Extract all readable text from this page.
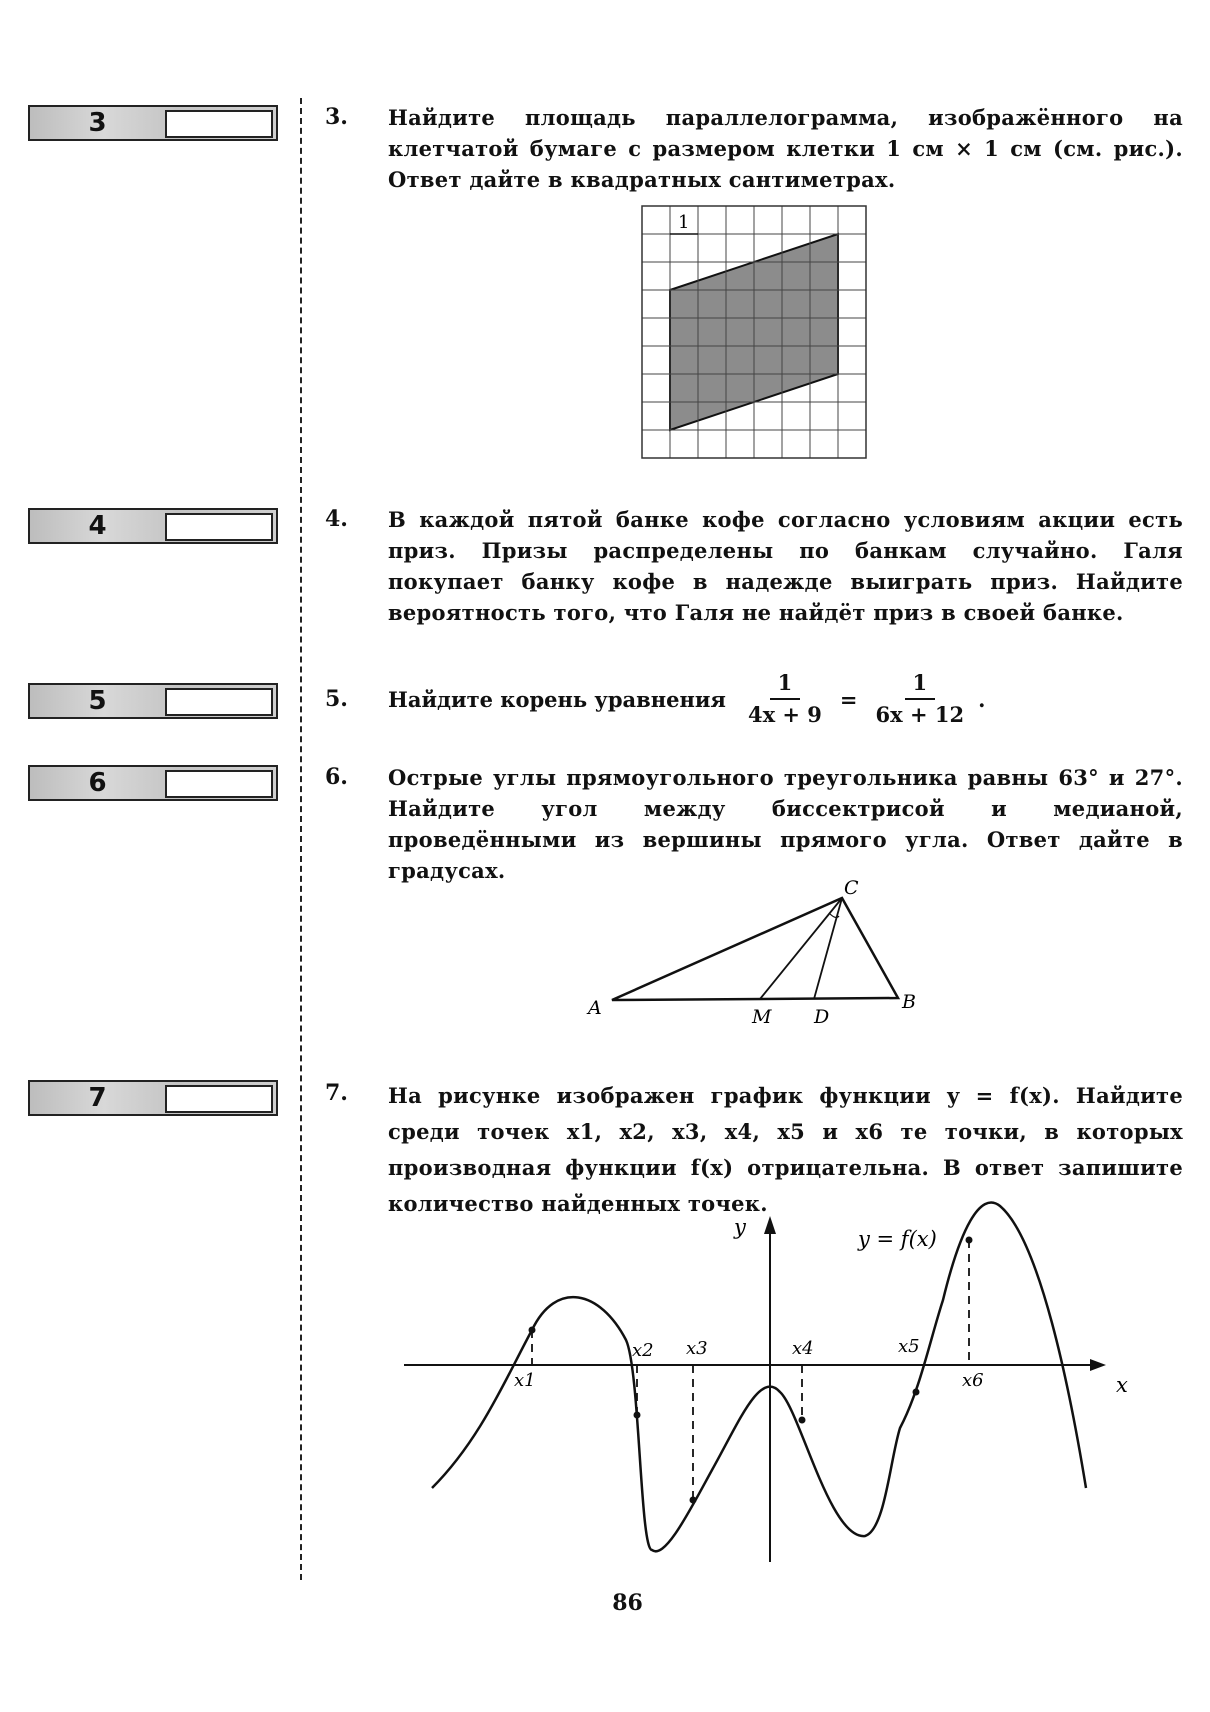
3
4
5
6
7
3. Найдите площадь параллелограмма, изображённого на клетчатой бумаге с размером клетки 1 см × 1 см (см. рис.). Ответ дайте в квадратных сантиметрах.
1
4. В каждой пятой банке кофе согласно условиям акции есть приз. Призы распределены по банкам случайно. Галя покупает банку кофе в надежде выиграть приз. Найдите вероятность того, что Галя не найдёт приз в своей банке.
5. Найдите корень уравнения $\frac{1}{4x + 9} = \frac{1}{6x + 12}$ .
6. Острые углы прямоугольного треугольника равны 63° и 27°. Найдите угол между биссектрисой и медианой, проведёнными из вершины прямого угла. Ответ дайте в градусах.
A	B
C
M D
7. На рисунке изображен график функции y = f(x). Найдите среди точек x1, x2, x3, x4, x5 и x6 те точки, в которых производная функции f(x) отрицательна. В ответ запишите количество найденных точек.
y
x
x1
x2 x3	x4	x5
x6
y = f(x)
86
